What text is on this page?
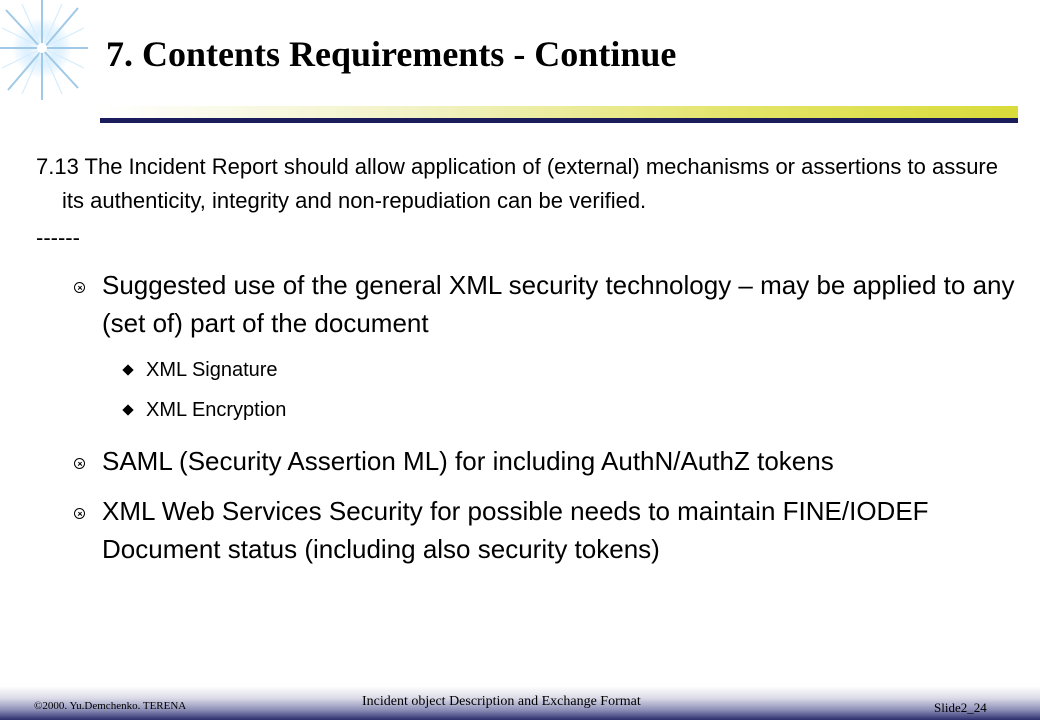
7. Contents Requirements - Continue

7.13 The Incident Report should allow application of (external) mechanisms or assertions to assure its authenticity, integrity and non-repudiation can be verified.

------
Suggested use of the general XML security technology – may be applied to any (set of) part of the document
XML Signature
XML Encryption
SAML (Security Assertion ML) for including AuthN/AuthZ tokens
XML Web Services Security for possible needs to maintain FINE/IODEF Document status (including also security tokens)
©2000. Yu.Demchenko. TERENA	Incident object Description and Exchange Format	Slide2_24
